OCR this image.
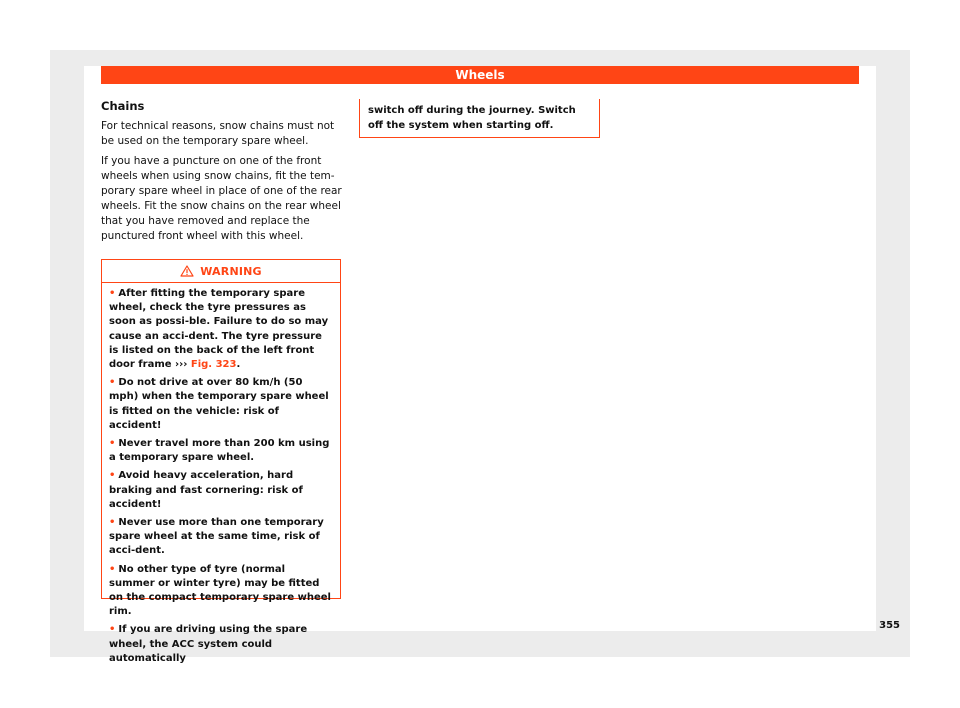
Wheels
Chains

For technical reasons, snow chains must not be used on the temporary spare wheel.

If you have a puncture on one of the front wheels when using snow chains, fit the tem-porary spare wheel in place of one of the rear wheels. Fit the snow chains on the rear wheel that you have removed and replace the punctured front wheel with this wheel.

WARNING

• After fitting the temporary spare wheel, check the tyre pressures as soon as possi-ble. Failure to do so may cause an acci-dent. The tyre pressure is listed on the back of the left front door frame ››› Fig. 323.

• Do not drive at over 80 km/h (50 mph) when the temporary spare wheel is fitted on the vehicle: risk of accident!

• Never travel more than 200 km using a temporary spare wheel.

• Avoid heavy acceleration, hard braking and fast cornering: risk of accident!

• Never use more than one temporary spare wheel at the same time, risk of acci-dent.

• No other type of tyre (normal summer or winter tyre) may be fitted on the compact temporary spare wheel rim.

• If you are driving using the spare wheel, the ACC system could automatically

switch off during the journey. Switch off the system when starting off.
355
